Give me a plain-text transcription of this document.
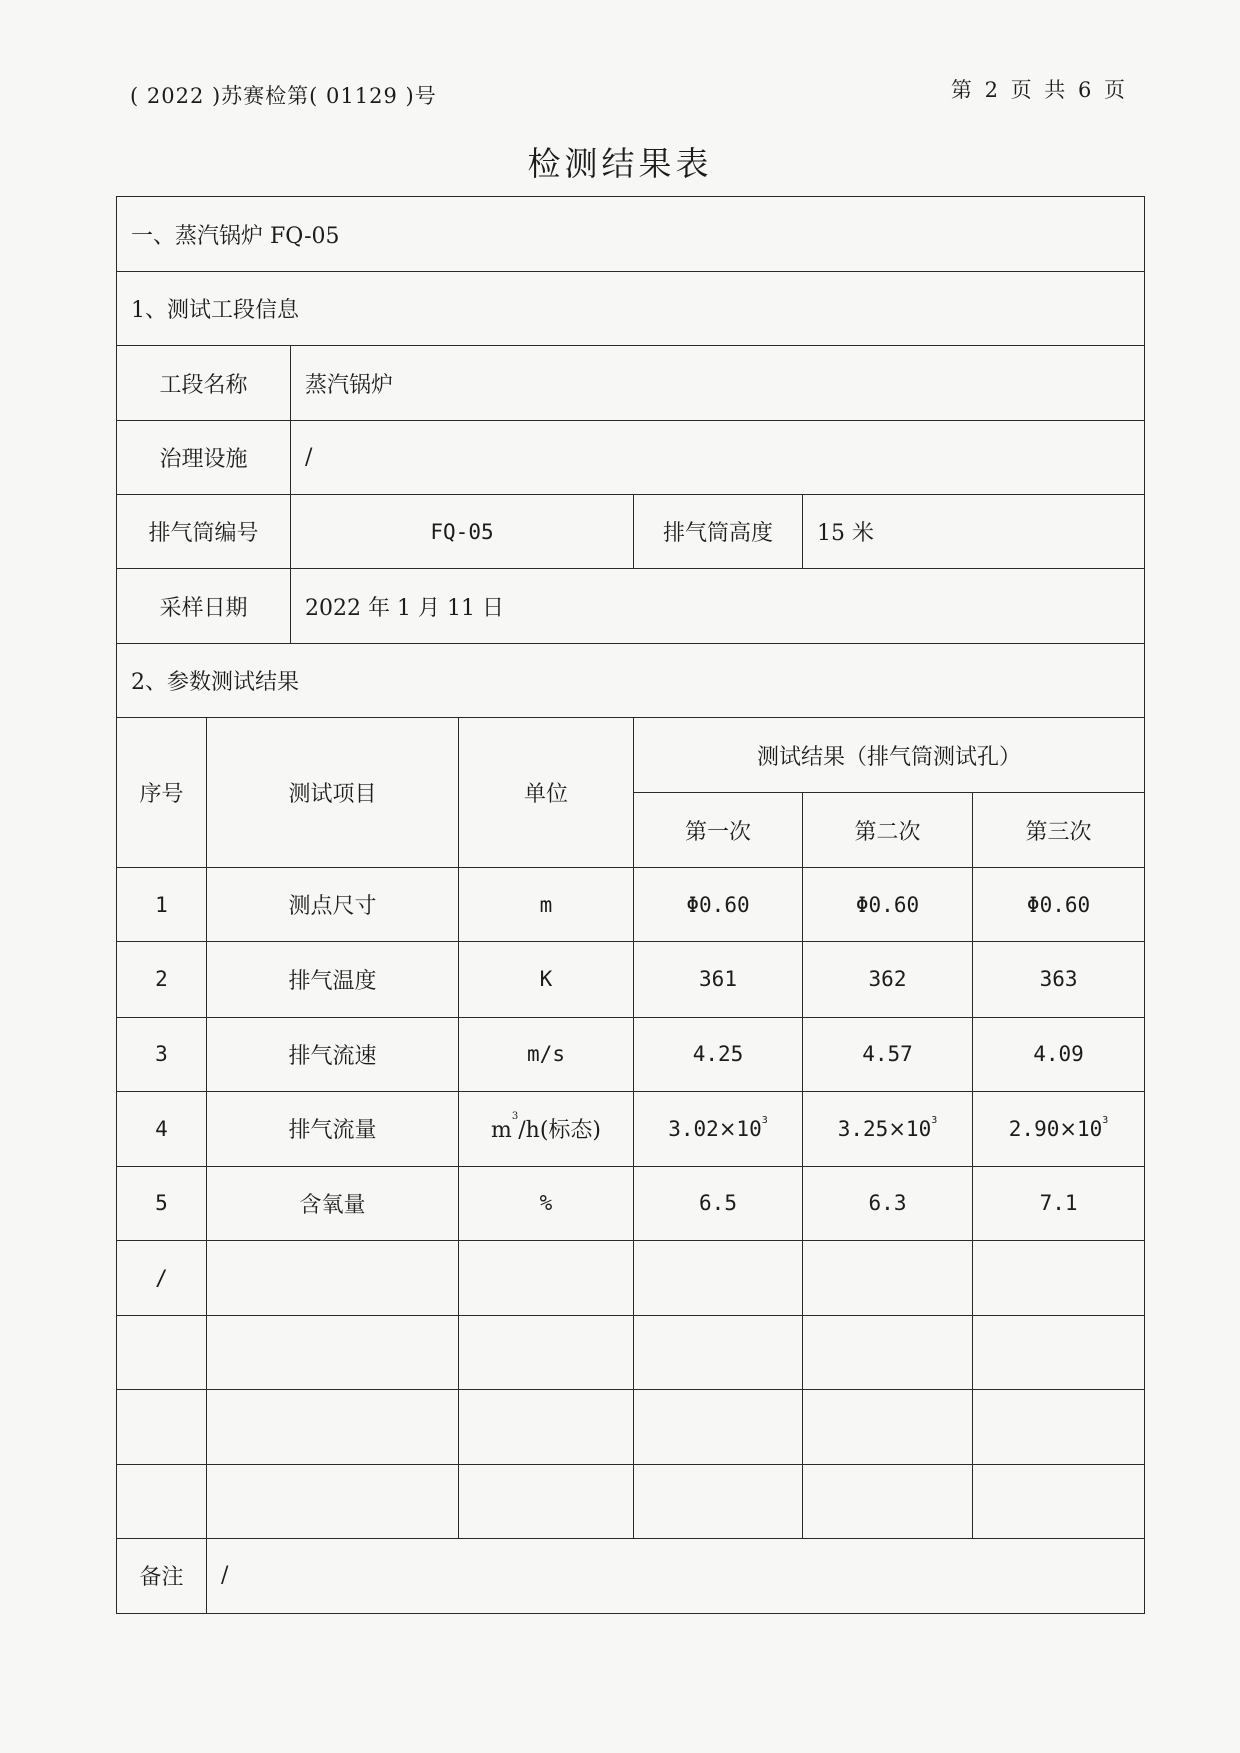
( 2022 )苏赛检第( 01129 )号	第 2 页 共 6 页
检测结果表
一、蒸汽锅炉 FQ-05						
1、测试工段信息						
工段名称		蒸汽锅炉				
治理设施		/				
排气筒编号		FQ-05		排气筒高度	15 米	
采样日期		2022 年 1 月 11 日				
2、参数测试结果						
序号	测试项目		单位	测试结果（排气筒测试孔）		
				第一次	第二次	第三次
1	测点尺寸		m	Φ0.60	Φ0.60	Φ0.60
2	排气温度		K	361	362	363
3	排气流速		m/s	4.25	4.57	4.09
4	排气流量		$m^3/h$(标态)	$3.02\times 10^3$	$3.25\times 10^3$	$2.90\times 10^3$
5	含氧量		%	6.5	6.3	7.1
/						

备注	/					
